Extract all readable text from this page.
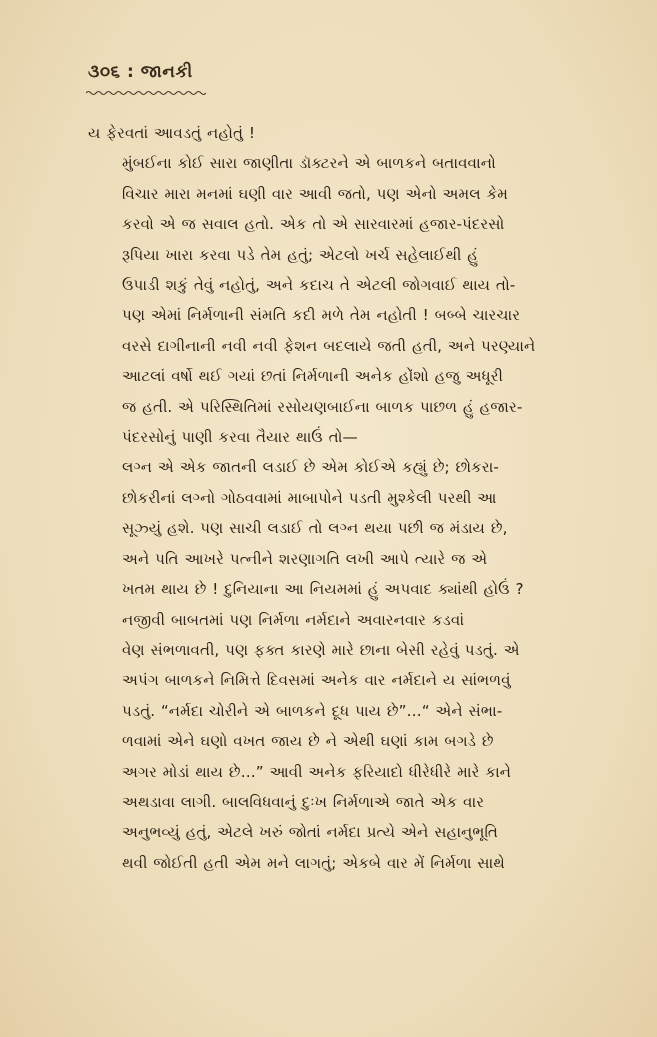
૩૦૬ : જાનકી

ય ફેરવતાં આવડતું નહોતું !

મુંબઈના કોઈ સારા જાણીતા ડૉક્ટરને એ બાળકને બતાવવાનો
વિચાર મારા મનમાં ઘણી વાર આવી જતો, પણ એનો અમલ કેમ
કરવો એ જ સવાલ હતો. એક તો એ સારવારમાં હજાર-પંદરસો
રૂપિયા ખારા કરવા પડે તેમ હતું; એટલો ખર્ચ સહેલાઈથી હું
ઉપાડી શકું તેવું નહોતું, અને કદાચ તે એટલી જોગવાઈ થાય તો-
પણ એમાં નિર્મળાની સંમતિ કદી મળે તેમ નહોતી ! બબ્બે ચારચાર
વરસે દાગીનાની નવી નવી ફેશન બદલાયે જતી હતી, અને પરણ્યાને
આટલાં વર્ષો થઈ ગયાં છતાં નિર્મળાની અનેક હોંશો હજુ અધૂરી
જ હતી. એ પરિસ્થિતિમાં રસોયણબાઈના બાળક પાછળ હું હજાર-
પંદરસોનું પાણી કરવા તૈયાર થાઉં તો—

લગ્ન એ એક જાતની લડાઈ છે એમ કોઈએ કહ્યું છે; છોકરા-
છોકરીનાં લગ્નો ગોઠવવામાં માબાપોને પડતી મુશ્કેલી પરથી આ
સૂઝ્યું હશે. પણ સાચી લડાઈ તો લગ્ન થયા પછી જ મંડાય છે,
અને પતિ આખરે પત્નીને શરણાગતિ લખી આપે ત્યારે જ એ
ખતમ થાય છે ! દુનિયાના આ નિયમમાં હું અપવાદ ક્યાંથી હોઉં ?

નજીવી બાબતમાં પણ નિર્મળા નર્મદાને અવારનવાર કડવાં
વેણ સંભળાવતી, પણ ફક્ત કારણે મારે છાના બેસી રહેવું પડતું. એ
અપંગ બાળકને નિમિત્તે દિવસમાં અનેક વાર નર્મદાને ય સાંભળવું
પડતું. “નર્મદા ચોરીને એ બાળકને દૂધ પાય છે”…“ એને સંભા-
ળવામાં એને ઘણો વખત જાય છે ને એથી ઘણાં કામ બગડે છે
અગર મોડાં થાય છે…” આવી અનેક ફરિયાદો ધીરેધીરે મારે કાને
અથડાવા લાગી. બાલવિધવાનું દુઃખ નિર્મળાએ જાતે એક વાર
અનુભવ્યું હતું, એટલે ખરું જોતાં નર્મદા પ્રત્યે એને સહાનુભૂતિ
થવી જોઈતી હતી એમ મને લાગતું; એકબે વાર મેં નિર્મળા સાથે
